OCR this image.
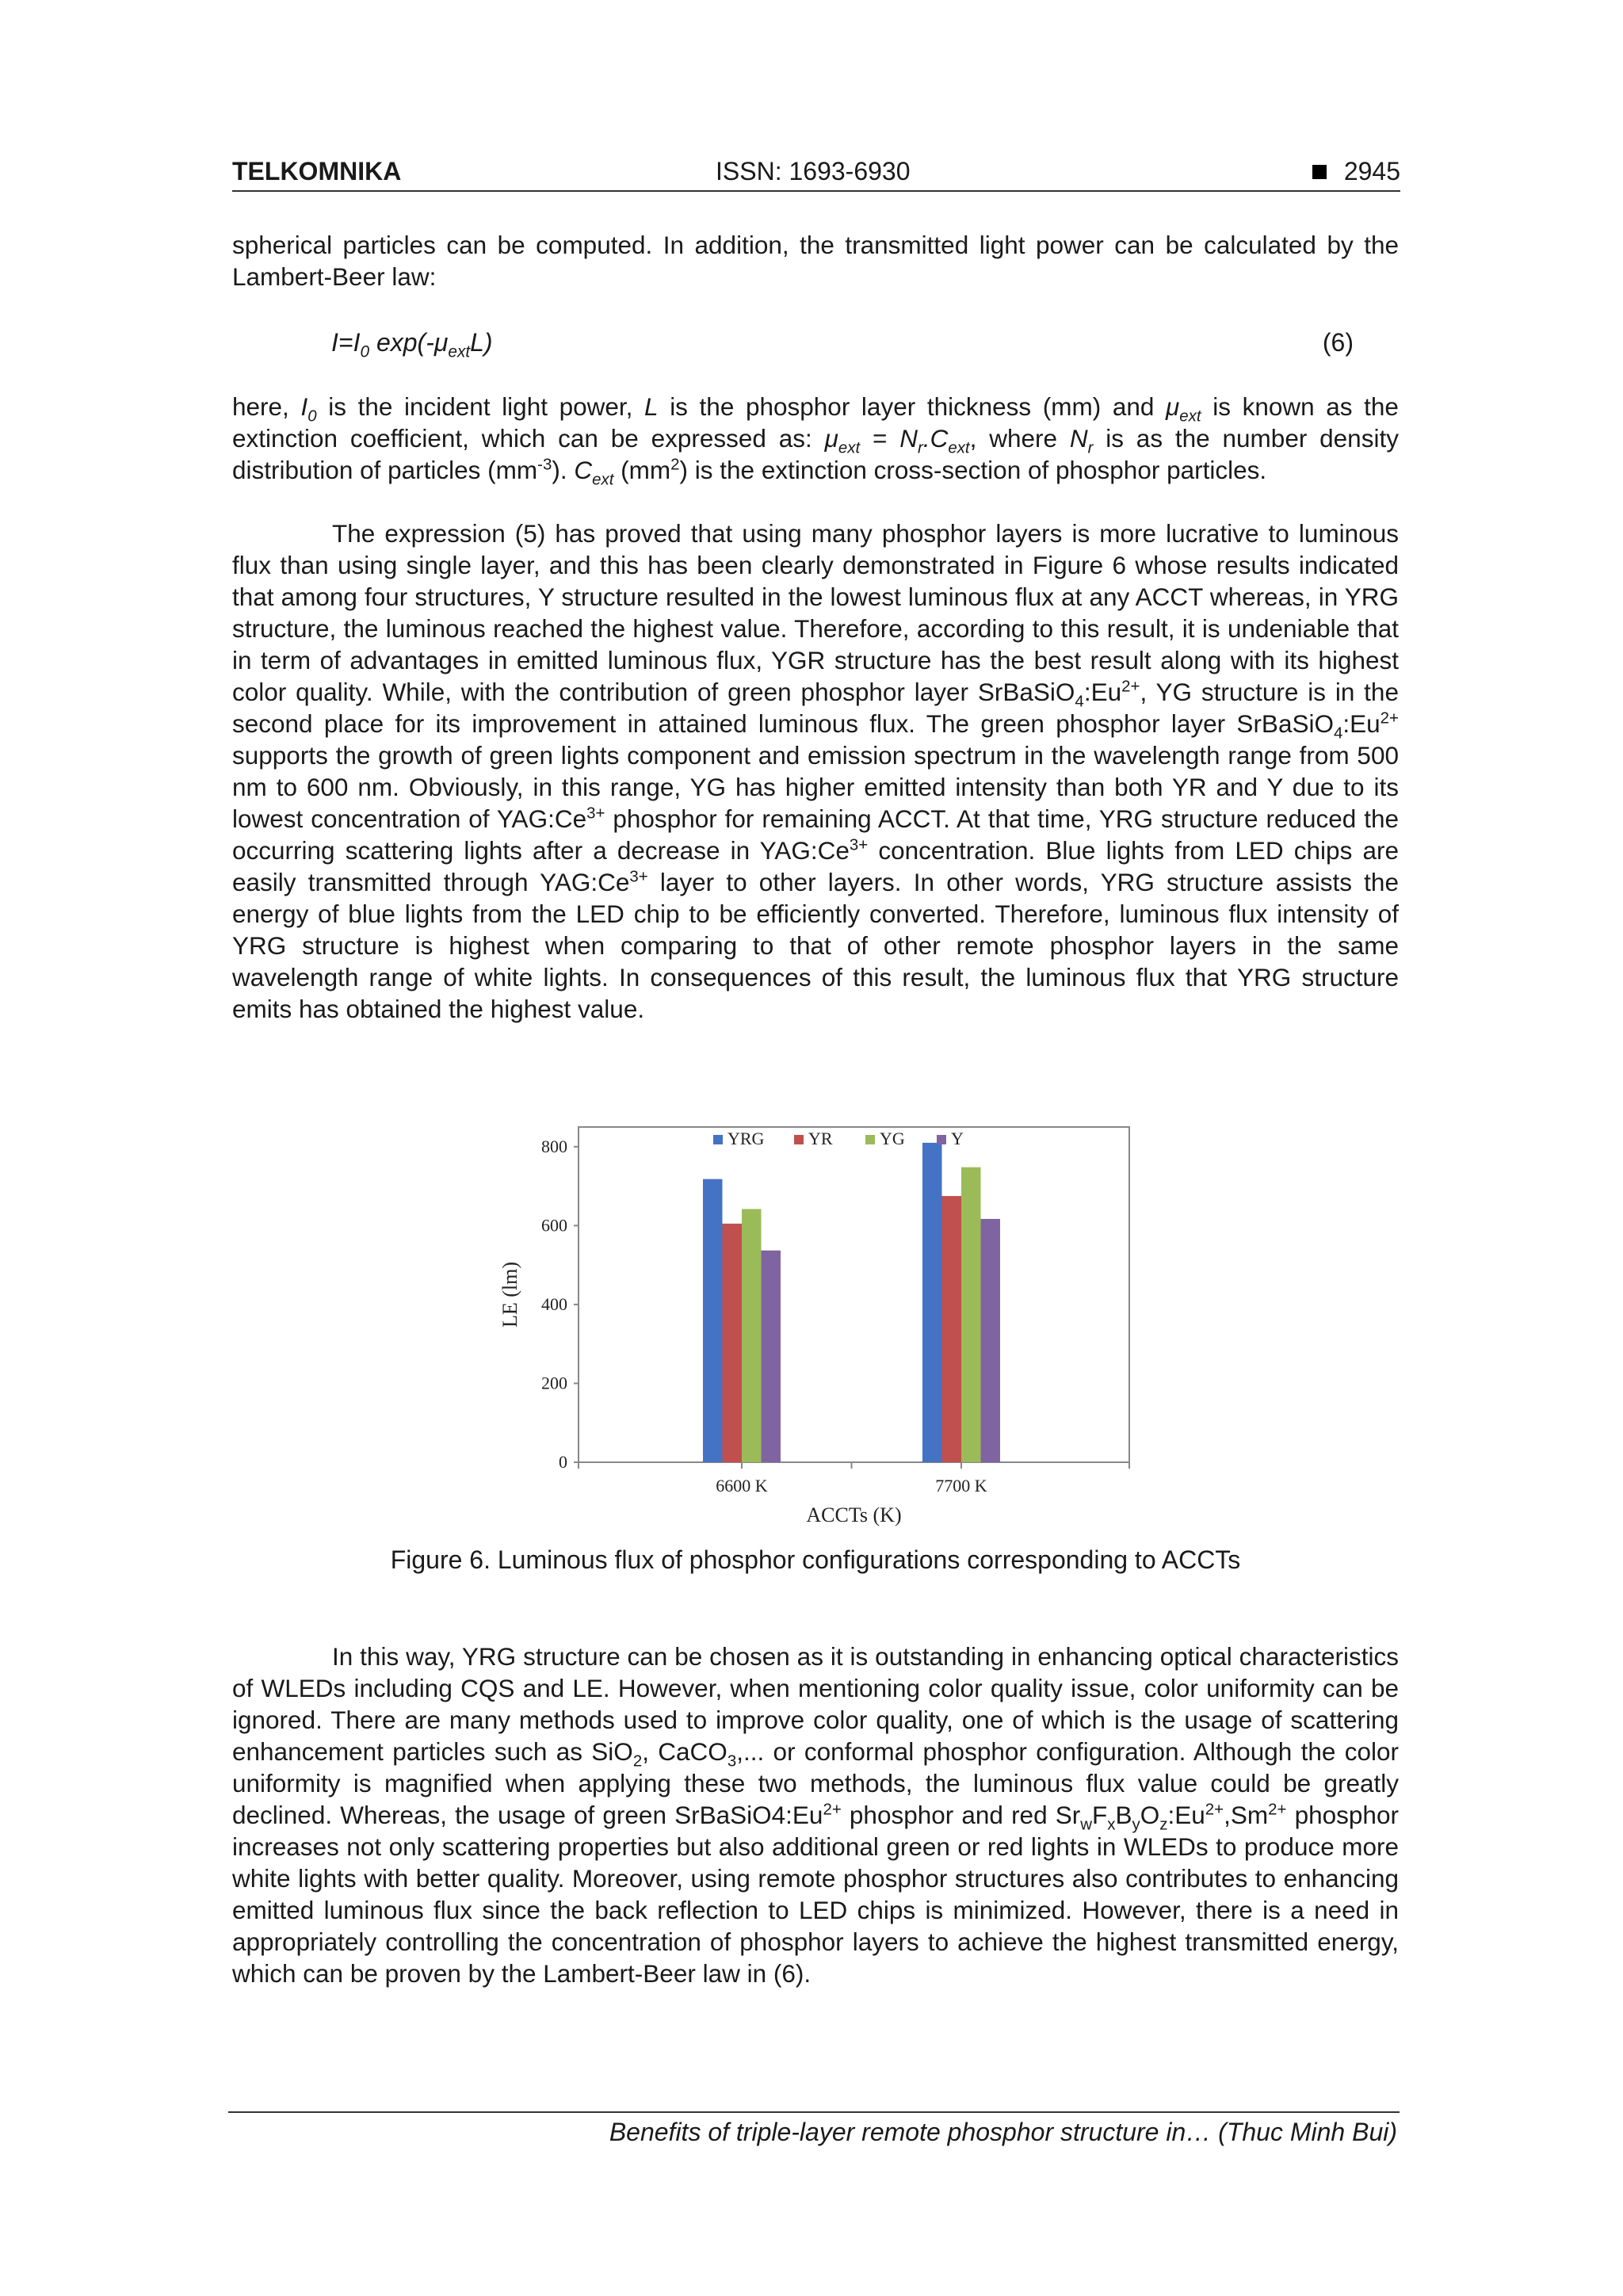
TELKOMNIKA	ISSN: 1693-6930	2945

spherical particles can be computed. In addition, the transmitted light power can be calculated by the Lambert-Beer law:

$I=I_0$ $\exp(-\mu_{ext}L)$	(6)

here, $I_0$ is the incident light power, L is the phosphor layer thickness (mm) and $\mu_{ext}$ is known as the extinction coefficient, which can be expressed as: $\mu_{ext} = N_r.C_{ext}$, where $N_r$ is as the number density distribution of particles $(mm^{-3})$. $C_{ext}$ $(mm^2)$ is the extinction cross-section of phosphor particles.

The expression (5) has proved that using many phosphor layers is more lucrative to luminous flux than using single layer, and this has been clearly demonstrated in Figure 6 whose results indicated that among four structures, Y structure resulted in the lowest luminous flux at any ACCT whereas, in YRG structure, the luminous reached the highest value. Therefore, according to this result, it is undeniable that in term of advantages in emitted luminous flux, YGR structure has the best result along with its highest color quality. While, with the contribution of green phosphor layer $SrBaSiO_4:Eu^{2+}$, YG structure is in the second place for its improvement in attained luminous flux. The green phosphor layer $SrBaSiO_4:Eu^{2+}$ supports the growth of green lights component and emission spectrum in the wavelength range from 500 nm to 600 nm. Obviously, in this range, YG has higher emitted intensity than both YR and Y due to its lowest concentration of $YAG:Ce^{3+}$ phosphor for remaining ACCT. At that time, YRG structure reduced the occurring scattering lights after a decrease in $YAG:Ce^{3+}$ concentration. Blue lights from LED chips are easily transmitted through $YAG:Ce^{3+}$ layer to other layers. In other words, YRG structure assists the energy of blue lights from the LED chip to be efficiently converted. Therefore, luminous flux intensity of YRG structure is highest when comparing to that of other remote phosphor layers in the same wavelength range of white lights. In consequences of this result, the luminous flux that YRG structure emits has obtained the highest value.

0
200
400
600
800
LE (lm)
6600 K	7700 K
ACCTs (K)
YRG	YR	YG	Y
Figure 6. Luminous flux of phosphor configurations corresponding to ACCTs

In this way, YRG structure can be chosen as it is outstanding in enhancing optical characteristics of WLEDs including CQS and LE. However, when mentioning color quality issue, color uniformity can be ignored. There are many methods used to improve color quality, one of which is the usage of scattering enhancement particles such as SiO$_2$, CaCO$_3$,... or conformal phosphor configuration. Although the color uniformity is magnified when applying these two methods, the luminous flux value could be greatly declined. Whereas, the usage of green $SrBaSiO4:Eu^{2+}$ phosphor and red $Sr_wF_xB_yO_z:Eu^{2+},Sm^{2+}$ phosphor increases not only scattering properties but also additional green or red lights in WLEDs to produce more white lights with better quality. Moreover, using remote phosphor structures also contributes to enhancing emitted luminous flux since the back reflection to LED chips is minimized. However, there is a need in appropriately controlling the concentration of phosphor layers to achieve the highest transmitted energy, which can be proven by the Lambert-Beer law in (6).

Benefits of triple-layer remote phosphor structure in… (Thuc Minh Bui)
